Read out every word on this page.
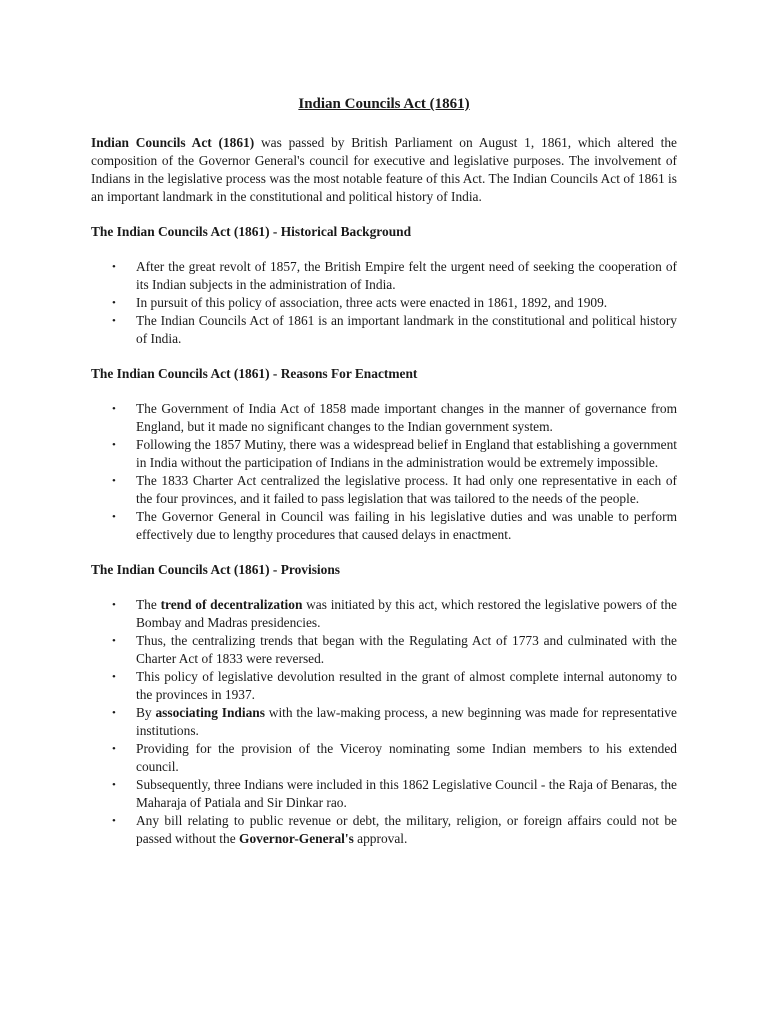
Indian Councils Act (1861)

Indian Councils Act (1861) was passed by British Parliament on August 1, 1861, which altered the composition of the Governor General's council for executive and legislative purposes. The involvement of Indians in the legislative process was the most notable feature of this Act. The Indian Councils Act of 1861 is an important landmark in the constitutional and political history of India.

The Indian Councils Act (1861) - Historical Background
• After the great revolt of 1857, the British Empire felt the urgent need of seeking the cooperation of its Indian subjects in the administration of India.
• In pursuit of this policy of association, three acts were enacted in 1861, 1892, and 1909.
• The Indian Councils Act of 1861 is an important landmark in the constitutional and political history of India.
The Indian Councils Act (1861) - Reasons For Enactment
• The Government of India Act of 1858 made important changes in the manner of governance from England, but it made no significant changes to the Indian government system.
• Following the 1857 Mutiny, there was a widespread belief in England that establishing a government in India without the participation of Indians in the administration would be extremely impossible.
• The 1833 Charter Act centralized the legislative process. It had only one representative in each of the four provinces, and it failed to pass legislation that was tailored to the needs of the people.
• The Governor General in Council was failing in his legislative duties and was unable to perform effectively due to lengthy procedures that caused delays in enactment.
The Indian Councils Act (1861) - Provisions
• The trend of decentralization was initiated by this act, which restored the legislative powers of the Bombay and Madras presidencies.
• Thus, the centralizing trends that began with the Regulating Act of 1773 and culminated with the Charter Act of 1833 were reversed.
• This policy of legislative devolution resulted in the grant of almost complete internal autonomy to the provinces in 1937.
• By associating Indians with the law-making process, a new beginning was made for representative institutions.
• Providing for the provision of the Viceroy nominating some Indian members to his extended council.
• Subsequently, three Indians were included in this 1862 Legislative Council - the Raja of Benaras, the Maharaja of Patiala and Sir Dinkar rao.
• Any bill relating to public revenue or debt, the military, religion, or foreign affairs could not be passed without the Governor-General's approval.
